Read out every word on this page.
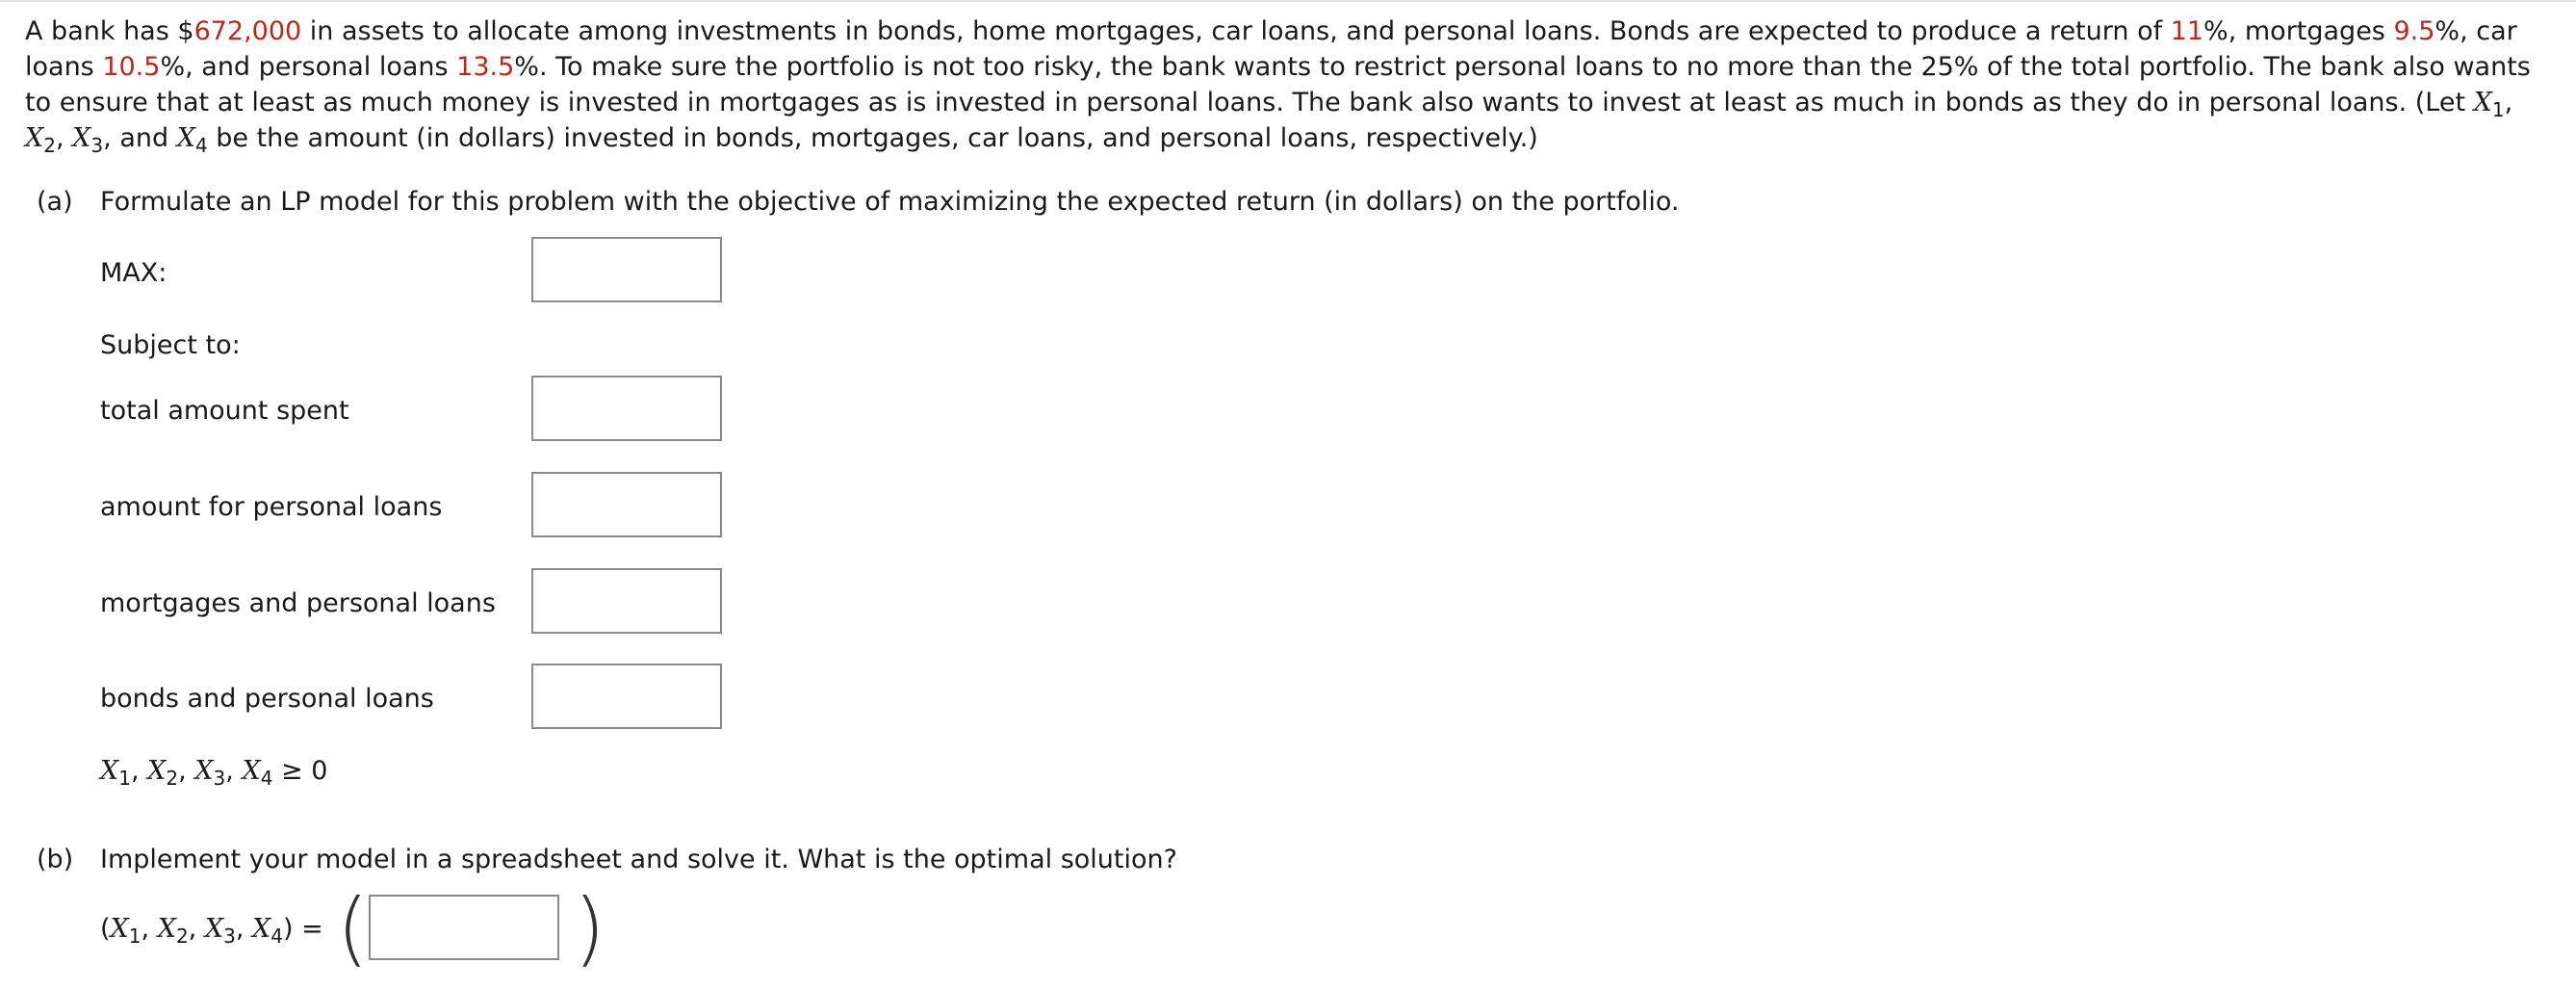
A bank has $672,000 in assets to allocate among investments in bonds, home mortgages, car loans, and personal loans. Bonds are expected to produce a return of 11%, mortgages 9.5%, car loans 10.5%, and personal loans 13.5%. To make sure the portfolio is not too risky, the bank wants to restrict personal loans to no more than the 25% of the total portfolio. The bank also wants to ensure that at least as much money is invested in mortgages as is invested in personal loans. The bank also wants to invest at least as much in bonds as they do in personal loans. (Let $X_1$, $X_2$, $X_3$, and $X_4$ be the amount (in dollars) invested in bonds, mortgages, car loans, and personal loans, respectively.)
(a) Formulate an LP model for this problem with the objective of maximizing the expected return (in dollars) on the portfolio.
MAX:
Subject to:
total amount spent
amount for personal loans
mortgages and personal loans
bonds and personal loans
$X_1$, $X_2$, $X_3$, $X_4 \ge 0$
(b) Implement your model in a spreadsheet and solve it. What is the optimal solution?
($X_1$, $X_2$, $X_3$, $X_4$) = (	)
